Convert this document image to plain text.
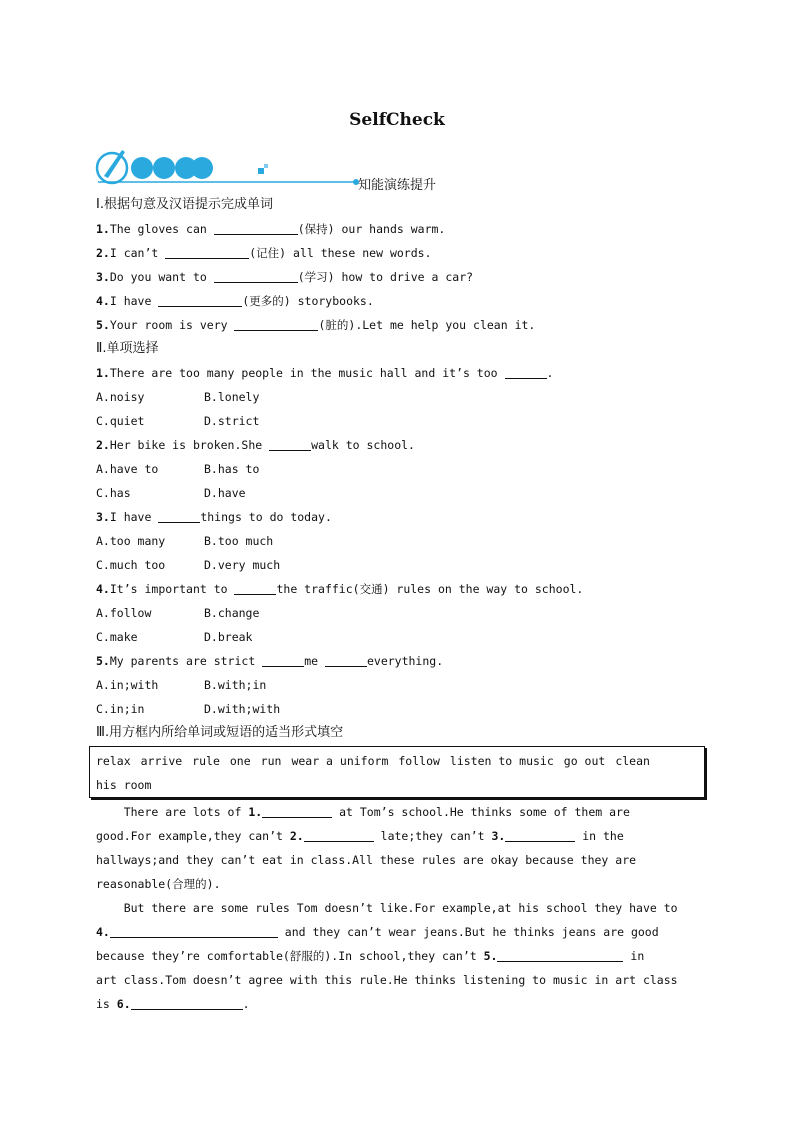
SelfCheck
知能演练提升
Ⅰ.根据句意及汉语提示完成单词
1.The gloves can	(保持) our hands warm.
2.I can’t	(记住) all these new words.
3.Do you want to	(学习) how to drive a car?
4.I have	(更多的) storybooks.
5.Your room is very	(脏的).Let me help you clean it.
Ⅱ.单项选择
1.There are too many people in the music hall and it’s too	.
A.noisy	B.lonely
C.quiet	D.strict
2.Her bike is broken.She	walk to school.
A.have to	B.has to
C.has	D.have
3.I have	things to do today.
A.too many	B.too much
C.much too	D.very much
4.It’s important to	the traffic(交通) rules on the way to school.
A.follow	B.change
C.make	D.break
5.My parents are strict	me	everything.
A.in;with	B.with;in
C.in;in	D.with;with
Ⅲ.用方框内所给单词或短语的适当形式填空
relax arrive rule one run wear a uniform follow listen to music go out clean
his room
There are lots of 1.	at Tom’s school.He thinks some of them are
good.For example,they can’t 2.	late;they can’t 3.	in the
hallways;and they can’t eat in class.All these rules are okay because they are
reasonable(合理的).
But there are some rules Tom doesn’t like.For example,at his school they have to
4.	and they can’t wear jeans.But he thinks jeans are good
because they’re comfortable(舒服的).In school,they can’t 5.	in
art class.Tom doesn’t agree with this rule.He thinks listening to music in art class
is 6.	.
